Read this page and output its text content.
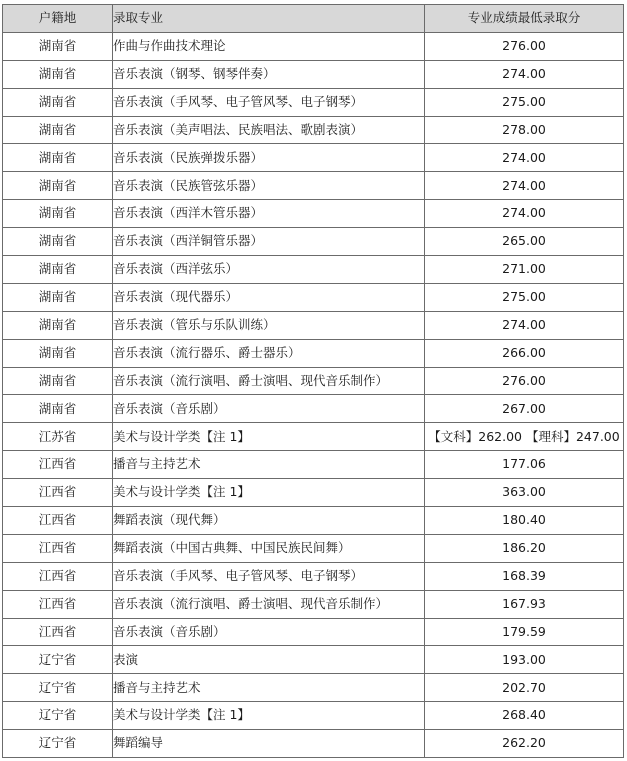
户籍地	录取专业	专业成绩最低录取分
湖南省	作曲与作曲技术理论	276.00
湖南省	音乐表演（钢琴、钢琴伴奏）	274.00
湖南省	音乐表演（手风琴、电子管风琴、电子钢琴）	275.00
湖南省	音乐表演（美声唱法、民族唱法、歌剧表演）	278.00
湖南省	音乐表演（民族弹拨乐器）	274.00
湖南省	音乐表演（民族管弦乐器）	274.00
湖南省	音乐表演（西洋木管乐器）	274.00
湖南省	音乐表演（西洋铜管乐器）	265.00
湖南省	音乐表演（西洋弦乐）	271.00
湖南省	音乐表演（现代器乐）	275.00
湖南省	音乐表演（管乐与乐队训练）	274.00
湖南省	音乐表演（流行器乐、爵士器乐）	266.00
湖南省	音乐表演（流行演唱、爵士演唱、现代音乐制作）	276.00
湖南省	音乐表演（音乐剧）	267.00
江苏省	美术与设计学类【注 1】	【文科】262.00 【理科】247.00
江西省	播音与主持艺术	177.06
江西省	美术与设计学类【注 1】	363.00
江西省	舞蹈表演（现代舞）	180.40
江西省	舞蹈表演（中国古典舞、中国民族民间舞）	186.20
江西省	音乐表演（手风琴、电子管风琴、电子钢琴）	168.39
江西省	音乐表演（流行演唱、爵士演唱、现代音乐制作）	167.93
江西省	音乐表演（音乐剧）	179.59
辽宁省	表演	193.00
辽宁省	播音与主持艺术	202.70
辽宁省	美术与设计学类【注 1】	268.40
辽宁省	舞蹈编导	262.20
